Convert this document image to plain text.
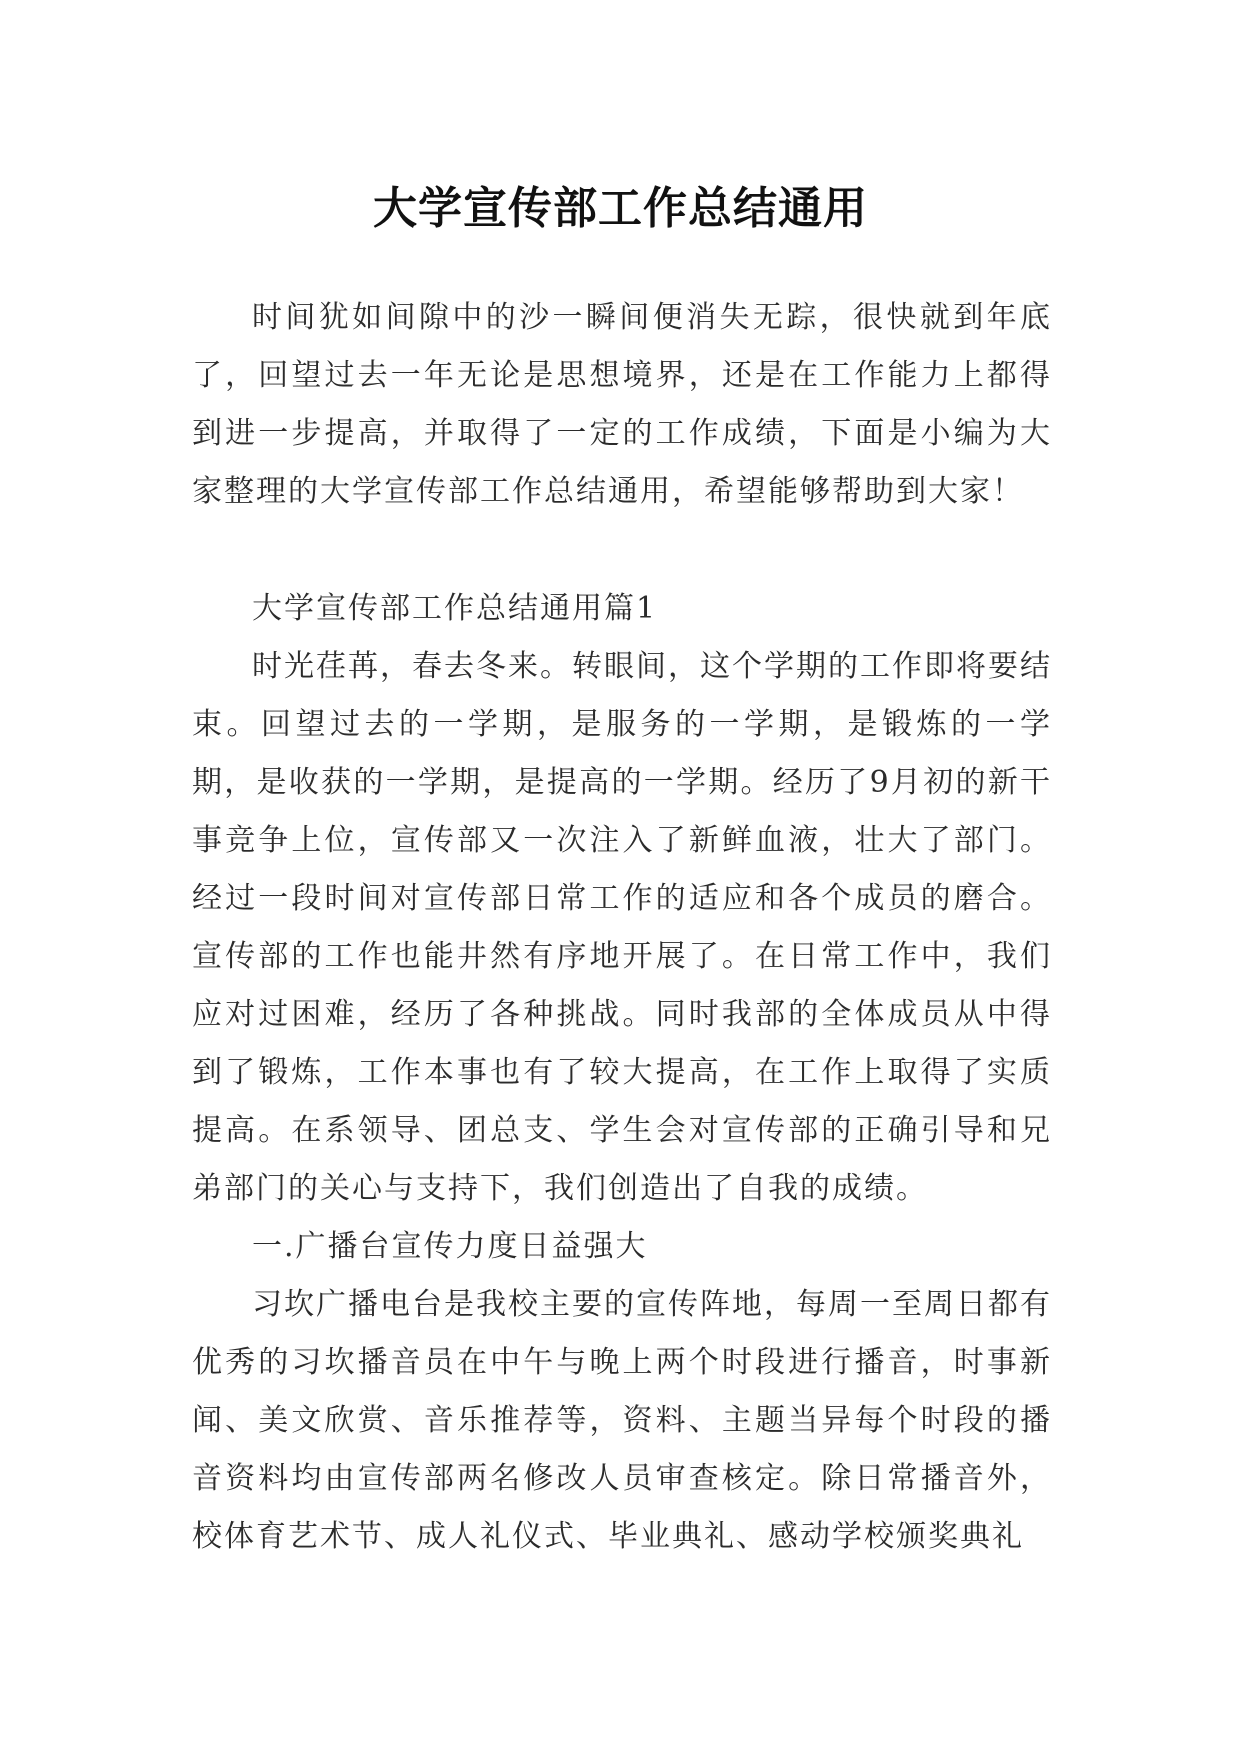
大学宣传部工作总结通用

时间犹如间隙中的沙一瞬间便消失无踪，很快就到年底了，回望过去一年无论是思想境界，还是在工作能力上都得到进一步提高，并取得了一定的工作成绩，下面是小编为大家整理的大学宣传部工作总结通用，希望能够帮助到大家！

大学宣传部工作总结通用篇1

时光荏苒，春去冬来。转眼间，这个学期的工作即将要结束。回望过去的一学期，是服务的一学期，是锻炼的一学期，是收获的一学期，是提高的一学期。经历了9月初的新干事竞争上位，宣传部又一次注入了新鲜血液，壮大了部门。经过一段时间对宣传部日常工作的适应和各个成员的磨合。宣传部的工作也能井然有序地开展了。在日常工作中，我们应对过困难，经历了各种挑战。同时我部的全体成员从中得到了锻炼，工作本事也有了较大提高，在工作上取得了实质提高。在系领导、团总支、学生会对宣传部的正确引导和兄弟部门的关心与支持下，我们创造出了自我的成绩。

一.广播台宣传力度日益强大

习坎广播电台是我校主要的宣传阵地，每周一至周日都有优秀的习坎播音员在中午与晚上两个时段进行播音，时事新闻、美文欣赏、音乐推荐等，资料、主题当异每个时段的播音资料均由宣传部两名修改人员审查核定。除日常播音外，校体育艺术节、成人礼仪式、毕业典礼、感动学校颁奖典礼
